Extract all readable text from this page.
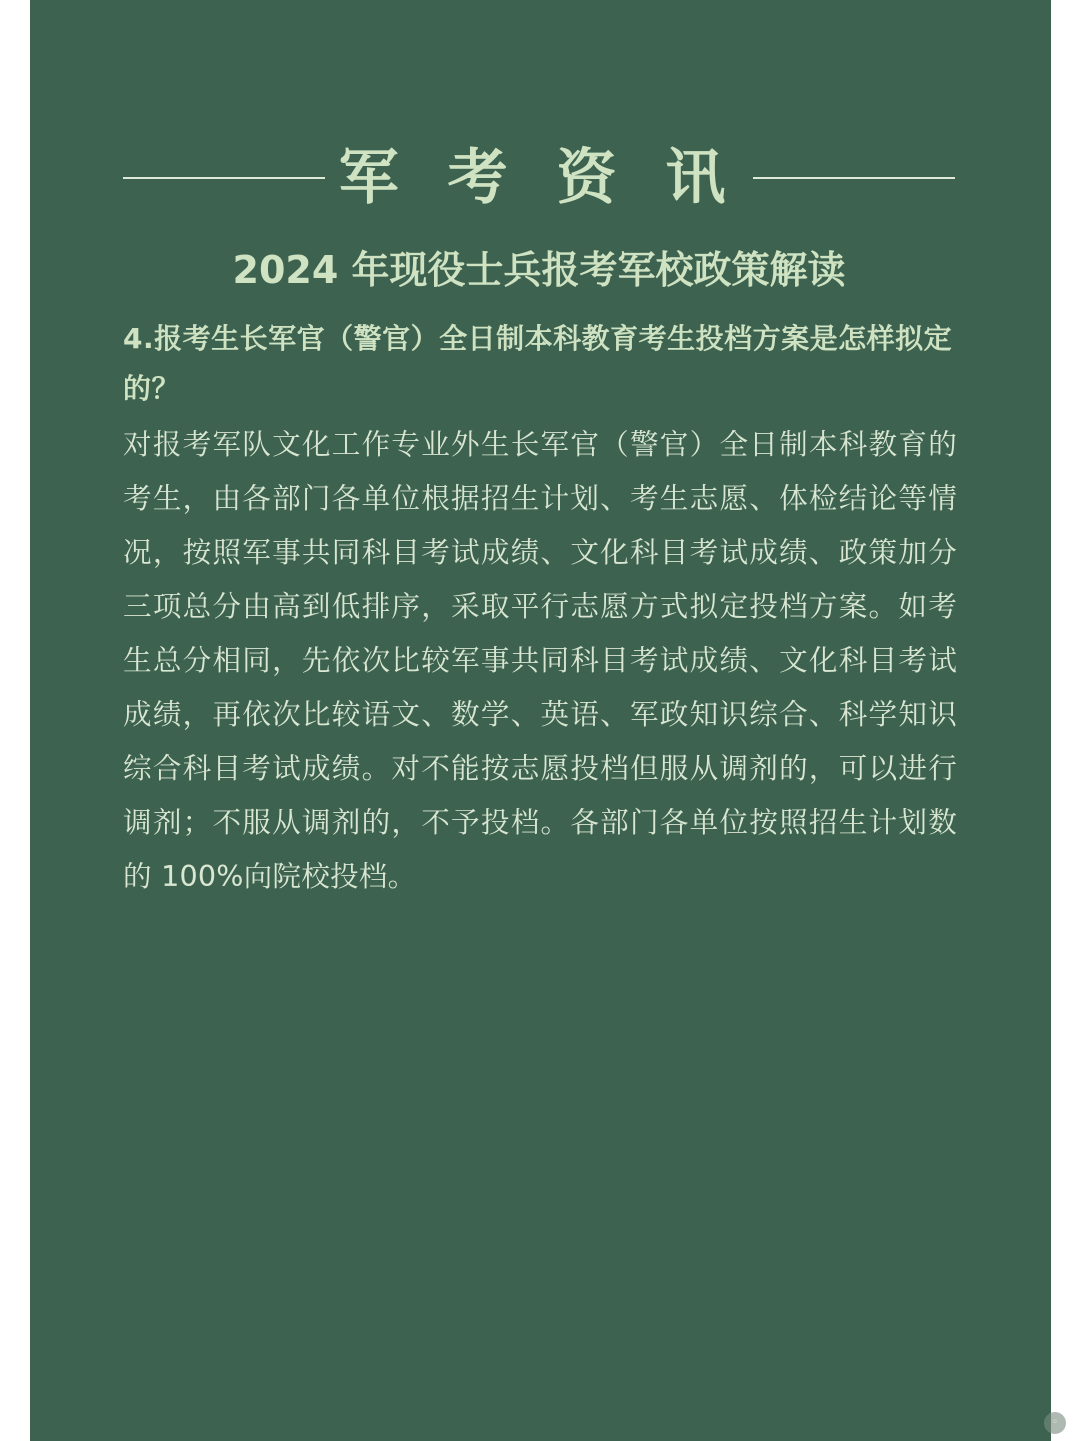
军 考 资 讯
2024 年现役士兵报考军校政策解读
4.报考生长军官（警官）全日制本科教育考生投档方案是怎样拟定的？
对报考军队文化工作专业外生长军官（警官）全日制本科教育的考生，由各部门各单位根据招生计划、考生志愿、体检结论等情况，按照军事共同科目考试成绩、文化科目考试成绩、政策加分三项总分由高到低排序，采取平行志愿方式拟定投档方案。如考生总分相同，先依次比较军事共同科目考试成绩、文化科目考试成绩，再依次比较语文、数学、英语、军政知识综合、科学知识综合科目考试成绩。对不能按志愿投档但服从调剂的，可以进行调剂；不服从调剂的，不予投档。各部门各单位按照招生计划数的 100%向院校投档。
◦
